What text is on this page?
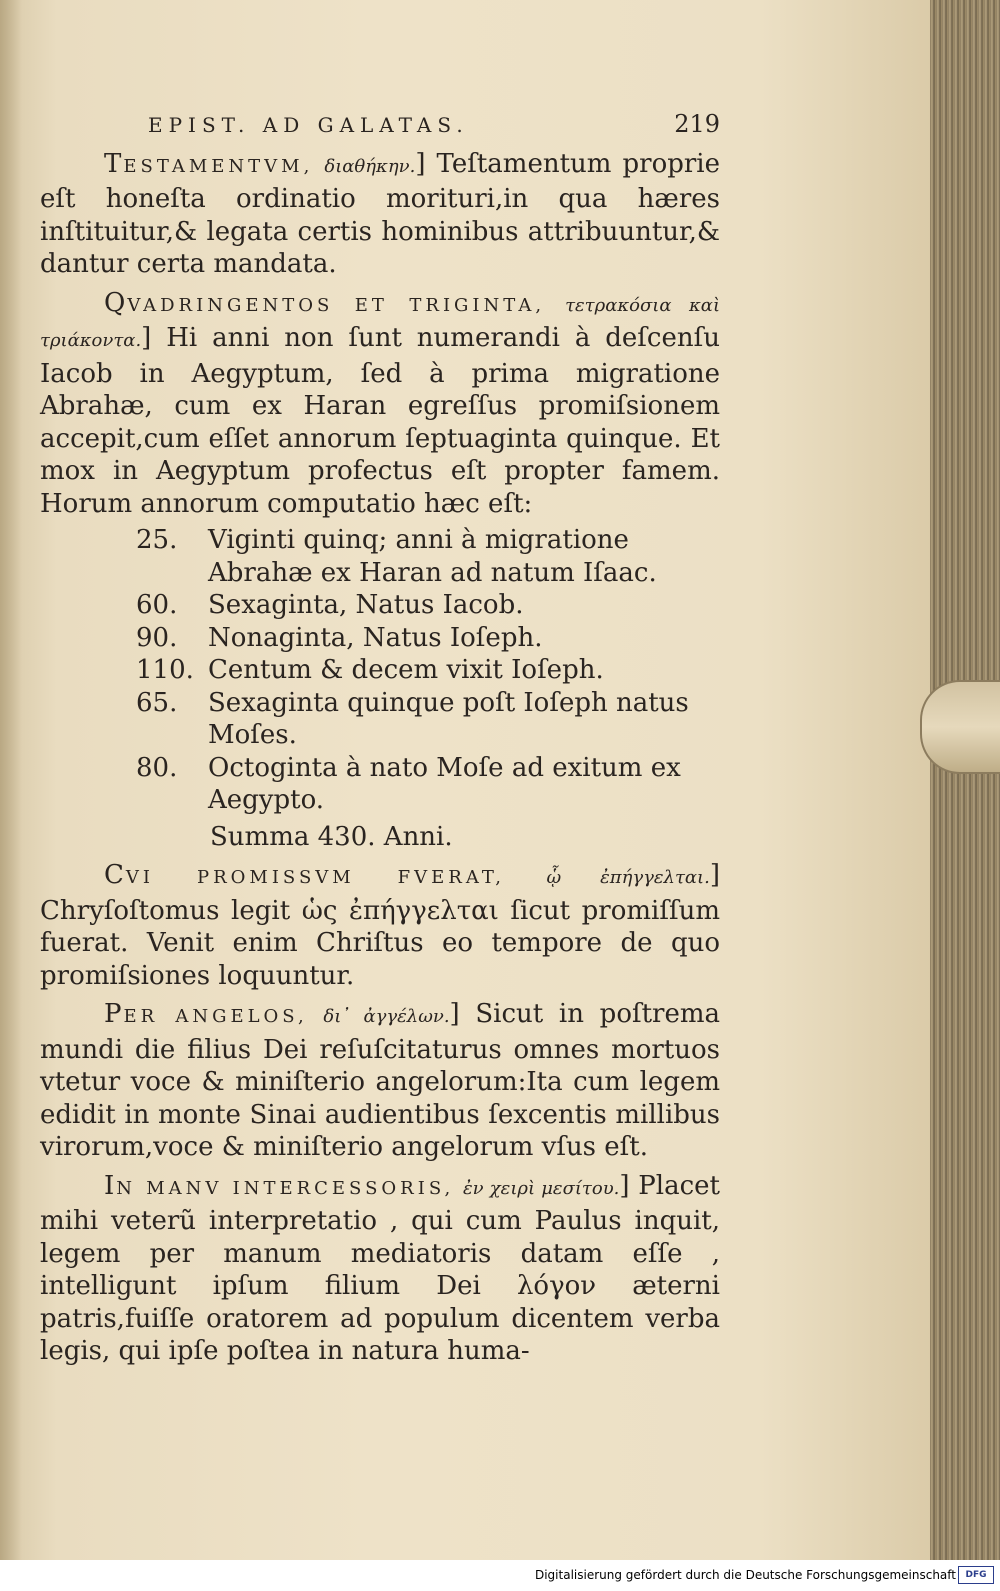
EPIST. AD GALATAS.	219

TESTAMENTVM, διαθήκην.] Teſtamentum proprie eſt honeſta ordinatio morituri,in qua hæres inſtituitur,& legata certis hominibus attribuuntur,& dantur certa mandata.

QVADRINGENTOS ET TRIGINTA, τετρακόσια καὶ τριάκοντα.] Hi anni non ſunt numerandi à deſcenſu Iacob in Aegyptum, ſed à prima migratione Abrahæ, cum ex Haran egreſſus promiſsionem accepit,cum eſſet annorum ſeptuaginta quinque. Et mox in Aegyptum profectus eſt propter famem. Horum annorum computatio hæc eſt:

25.	Viginti quinq; anni à migratione Abrahæ ex Haran ad natum Iſaac.
60.	Sexaginta, Natus Iacob.
90.	Nonaginta, Natus Ioſeph.
110. Centum & decem vixit Ioſeph.
65.	Sexaginta quinque poſt Ioſeph natus Moſes.
80.	Octoginta à nato Moſe ad exitum ex Aegypto.
Summa 430. Anni.

CVI PROMISSVM FVERAT, ᾧ ἐπήγγελται.] Chryſoſtomus legit ὡς ἐπήγγελται ſicut promiſſum fuerat. Venit enim Chriſtus eo tempore de quo promiſsiones loquuntur.

PER ANGELOS, δι᾽ ἀγγέλων.] Sicut in poſtrema mundi die filius Dei reſuſcitaturus omnes mortuos vtetur voce & miniſterio angelorum:Ita cum legem edidit in monte Sinai audientibus ſexcentis millibus virorum,voce & miniſterio angelorum vſus eſt.

IN MANV INTERCESSORIS, ἐν χειρὶ μεσίτου.] Placet mihi veterũ interpretatio , qui cum Paulus inquit, legem per manum mediatoris datam eſſe , intelligunt ipſum filium Dei λόγον æterni patris,fuiſſe oratorem ad populum dicentem verba legis, qui ipſe poſtea in natura huma-

Digitalisierung gefördert durch die Deutsche Forschungsgemeinschaft	DFG
